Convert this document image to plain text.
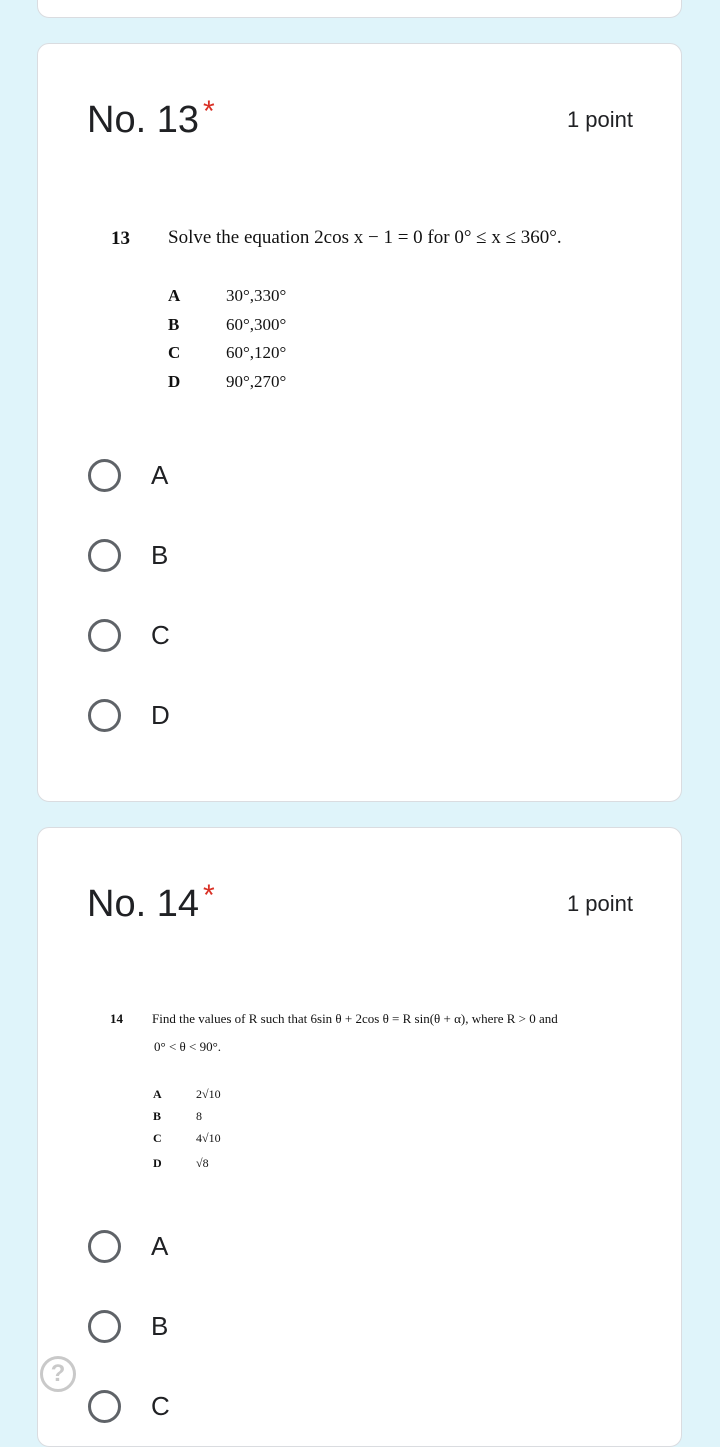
No. 13 *	1 point
13 Solve the equation 2cos x − 1 = 0 for 0° ≤ x ≤ 360°.
A	30°,330°
B	60°,300°
C	60°,120°
D	90°,270°
A
B
C
D
No. 14 *	1 point
14 Find the values of R such that 6sin θ + 2cos θ = R sin(θ + α), where R > 0 and
0° < θ < 90°.
A	2√10
B	8
C	4√10
D	√8
A
B
C
?
